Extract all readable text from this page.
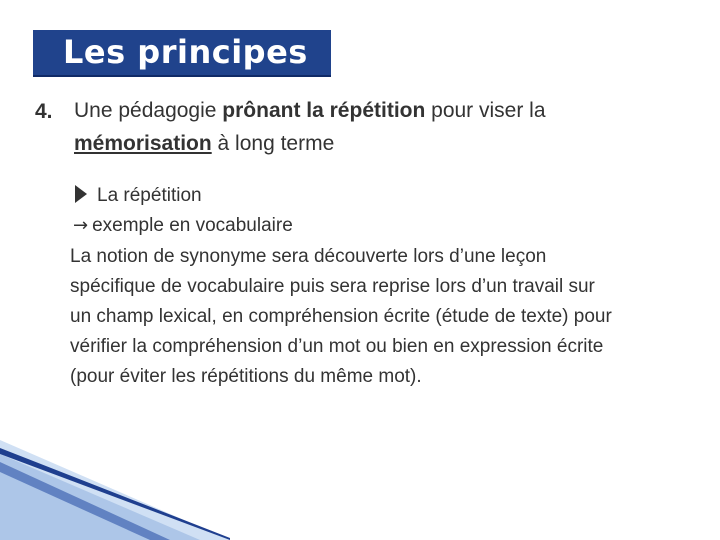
Les principes
4. Une pédagogie prônant la répétition pour viser la
mémorisation à long terme
La répétition
→ exemple en vocabulaire
La notion de synonyme sera découverte lors d’une leçon
spécifique de vocabulaire puis sera reprise lors d’un travail sur
un champ lexical, en compréhension écrite (étude de texte) pour
vérifier la compréhension d’un mot ou bien en expression écrite
(pour éviter les répétitions du même mot).
